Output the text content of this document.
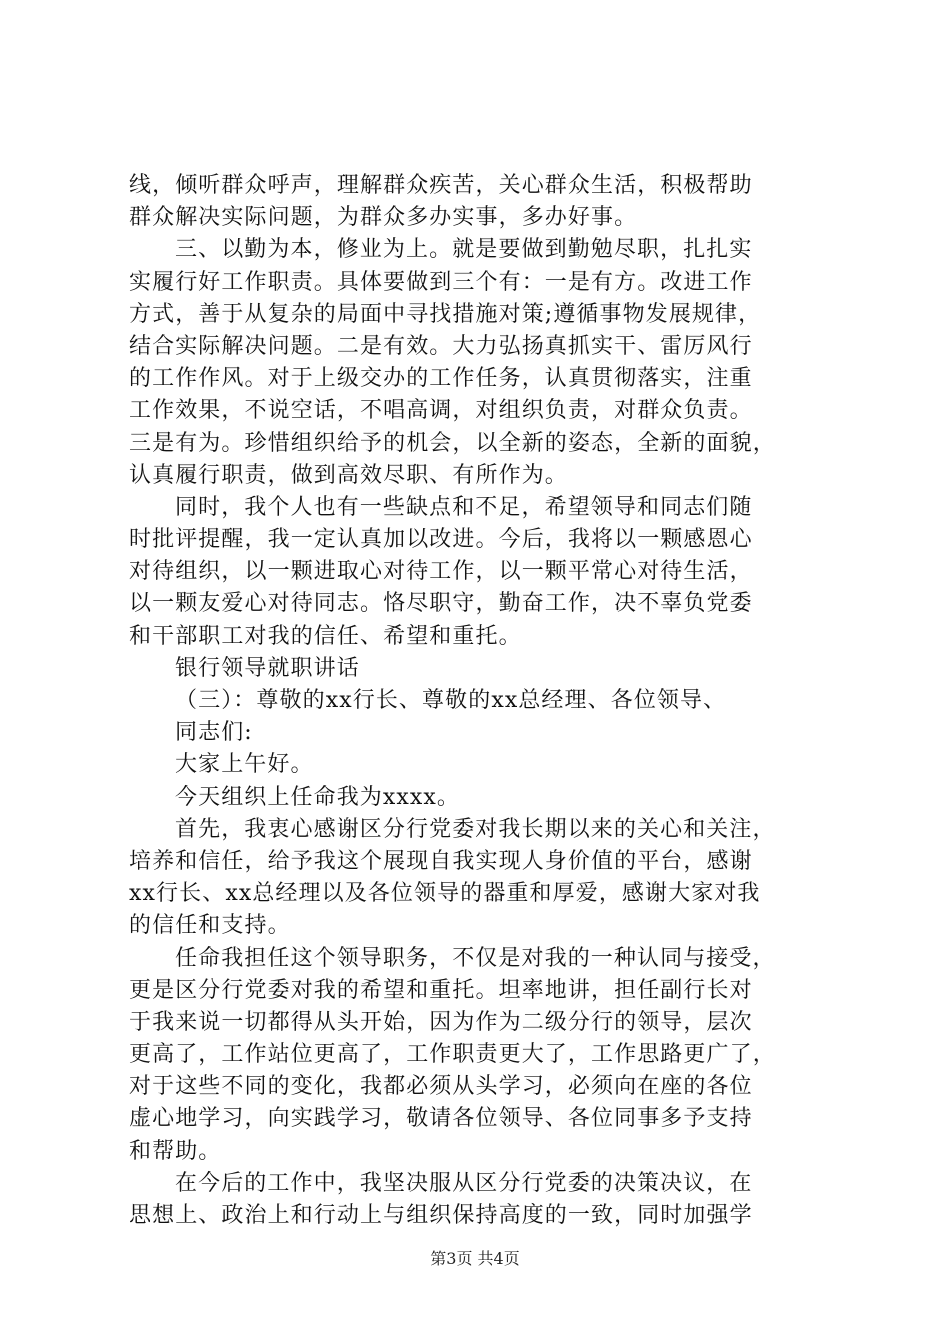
线，倾听群众呼声，理解群众疾苦，关心群众生活，积极帮助
群众解决实际问题，为群众多办实事，多办好事。
三、以勤为本，修业为上。就是要做到勤勉尽职，扎扎实
实履行好工作职责。具体要做到三个有：一是有方。改进工作
方式，善于从复杂的局面中寻找措施对策;遵循事物发展规律，
结合实际解决问题。二是有效。大力弘扬真抓实干、雷厉风行
的工作作风。对于上级交办的工作任务，认真贯彻落实，注重
工作效果，不说空话，不唱高调，对组织负责，对群众负责。
三是有为。珍惜组织给予的机会，以全新的姿态，全新的面貌，
认真履行职责，做到高效尽职、有所作为。
同时，我个人也有一些缺点和不足，希望领导和同志们随
时批评提醒，我一定认真加以改进。今后，我将以一颗感恩心
对待组织，以一颗进取心对待工作，以一颗平常心对待生活，
以一颗友爱心对待同志。恪尽职守，勤奋工作，决不辜负党委
和干部职工对我的信任、希望和重托。
银行领导就职讲话
（三）：尊敬的xx行长、尊敬的xx总经理、各位领导、
同志们:
大家上午好。
今天组织上任命我为xxxx。
首先，我衷心感谢区分行党委对我长期以来的关心和关注，
培养和信任，给予我这个展现自我实现人身价值的平台，感谢
xx行长、xx总经理以及各位领导的器重和厚爱，感谢大家对我
的信任和支持。
任命我担任这个领导职务，不仅是对我的一种认同与接受，
更是区分行党委对我的希望和重托。坦率地讲，担任副行长对
于我来说一切都得从头开始，因为作为二级分行的领导，层次
更高了，工作站位更高了，工作职责更大了，工作思路更广了，
对于这些不同的变化，我都必须从头学习，必须向在座的各位
虚心地学习，向实践学习，敬请各位领导、各位同事多予支持
和帮助。
在今后的工作中，我坚决服从区分行党委的决策决议，在
思想上、政治上和行动上与组织保持高度的一致，同时加强学
第3页 共4页
